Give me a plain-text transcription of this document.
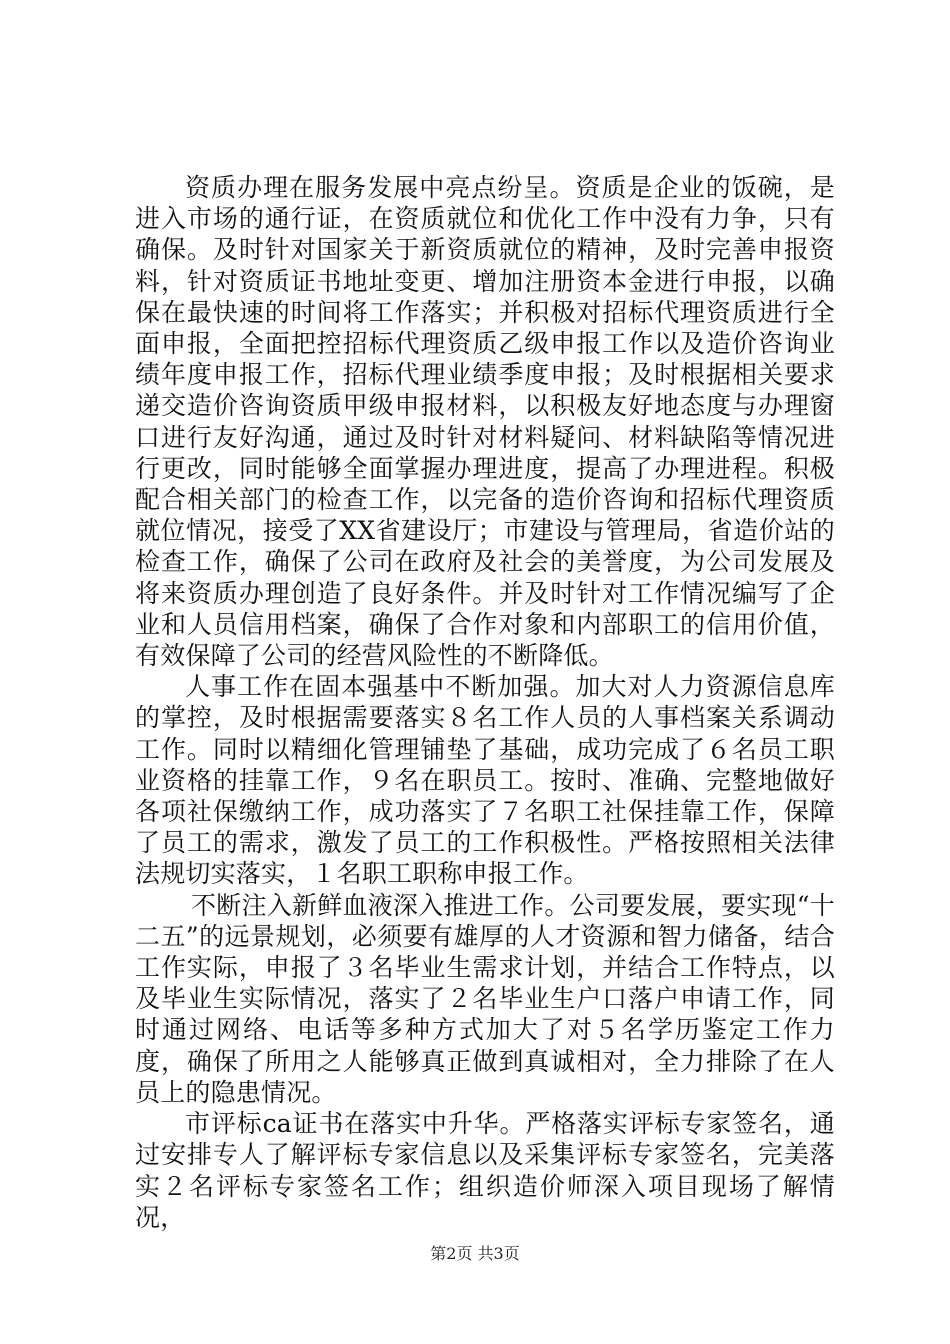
资质办理在服务发展中亮点纷呈。资质是企业的饭碗，是进入市场的通行证，在资质就位和优化工作中没有力争，只有确保。及时针对国家关于新资质就位的精神，及时完善申报资料，针对资质证书地址变更、增加注册资本金进行申报，以确保在最快速的时间将工作落实；并积极对招标代理资质进行全面申报，全面把控招标代理资质乙级申报工作以及造价咨询业绩年度申报工作，招标代理业绩季度申报；及时根据相关要求递交造价咨询资质甲级申报材料，以积极友好地态度与办理窗口进行友好沟通，通过及时针对材料疑问、材料缺陷等情况进行更改，同时能够全面掌握办理进度，提高了办理进程。积极配合相关部门的检查工作，以完备的造价咨询和招标代理资质就位情况，接受了XX省建设厅；市建设与管理局，省造价站的检查工作，确保了公司在政府及社会的美誉度，为公司发展及将来资质办理创造了良好条件。并及时针对工作情况编写了企业和人员信用档案，确保了合作对象和内部职工的信用价值，有效保障了公司的经营风险性的不断降低。

人事工作在固本强基中不断加强。加大对人力资源信息库的掌控，及时根据需要落实８名工作人员的人事档案关系调动工作。同时以精细化管理铺垫了基础，成功完成了６名员工职业资格的挂靠工作，９名在职员工。按时、准确、完整地做好各项社保缴纳工作，成功落实了７名职工社保挂靠工作，保障了员工的需求，激发了员工的工作积极性。严格按照相关法律法规切实落实，１名职工职称申报工作。

不断注入新鲜血液深入推进工作。公司要发展，要实现“十二五”的远景规划，必须要有雄厚的人才资源和智力储备，结合工作实际，申报了３名毕业生需求计划，并结合工作特点，以及毕业生实际情况，落实了２名毕业生户口落户申请工作，同时通过网络、电话等多种方式加大了对５名学历鉴定工作力度，确保了所用之人能够真正做到真诚相对，全力排除了在人员上的隐患情况。

市评标ca证书在落实中升华。严格落实评标专家签名，通过安排专人了解评标专家信息以及采集评标专家签名，完美落实２名评标专家签名工作；组织造价师深入项目现场了解情况，

第2页 共3页
